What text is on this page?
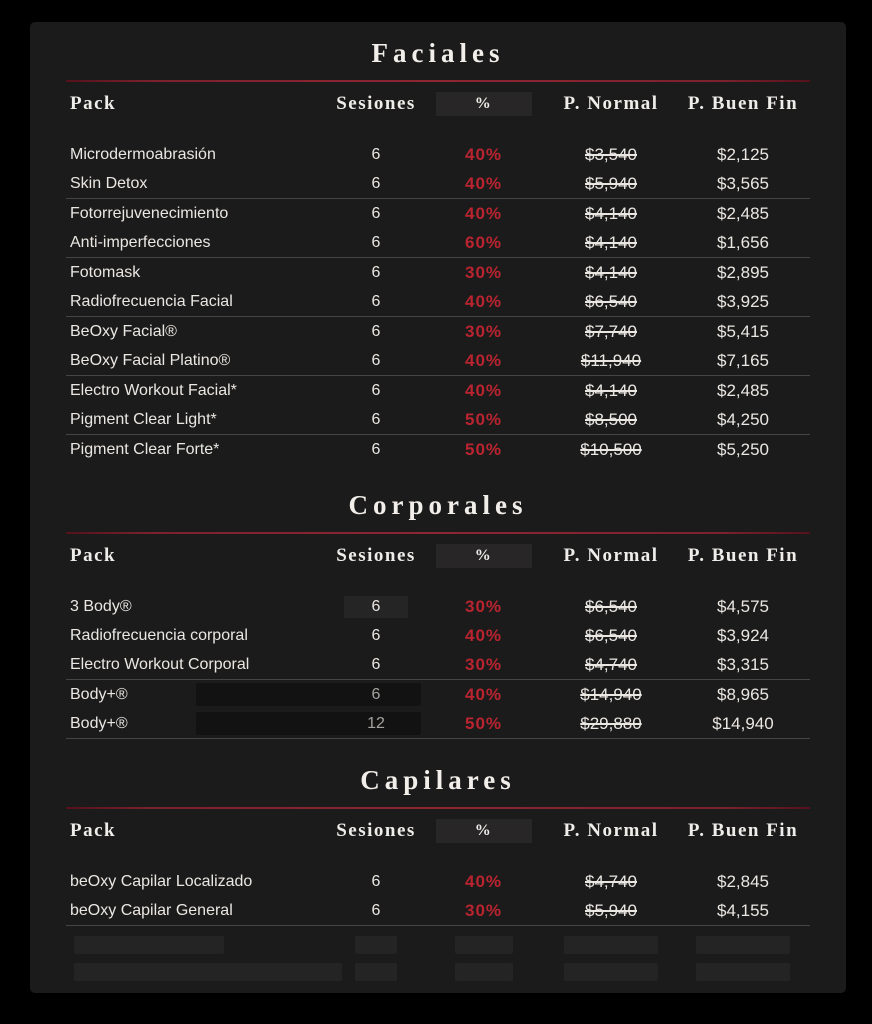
Faciales
Pack	Sesiones	%	P. Normal	P. Buen Fin
Microdermoabrasión	6	40%	$3,540	$2,125
Skin Detox	6	40%	$5,940	$3,565
Fotorrejuvenecimiento	6	40%	$4,140	$2,485
Anti-imperfecciones	6	60%	$4,140	$1,656
Fotomask	6	30%	$4,140	$2,895
Radiofrecuencia Facial	6	40%	$6,540	$3,925
BeOxy Facial®	6	30%	$7,740	$5,415
BeOxy Facial Platino®	6	40%	$11,940	$7,165
Electro Workout Facial*	6	40%	$4,140	$2,485
Pigment Clear Light*	6	50%	$8,500	$4,250
Pigment Clear Forte*	6	50%	$10,500	$5,250
Corporales
Pack	Sesiones	%	P. Normal	P. Buen Fin
3 Body®	6	30%	$6,540	$4,575
Radiofrecuencia corporal	6	40%	$6,540	$3,924
Electro Workout Corporal	6	30%	$4,740	$3,315
Body+®	6	40%	$14,940	$8,965
Body+®	12	50%	$29,880	$14,940
Capilares
Pack	Sesiones	%	P. Normal	P. Buen Fin
beOxy Capilar Localizado	6	40%	$4,740	$2,845
beOxy Capilar General	6	30%	$5,940	$4,155
